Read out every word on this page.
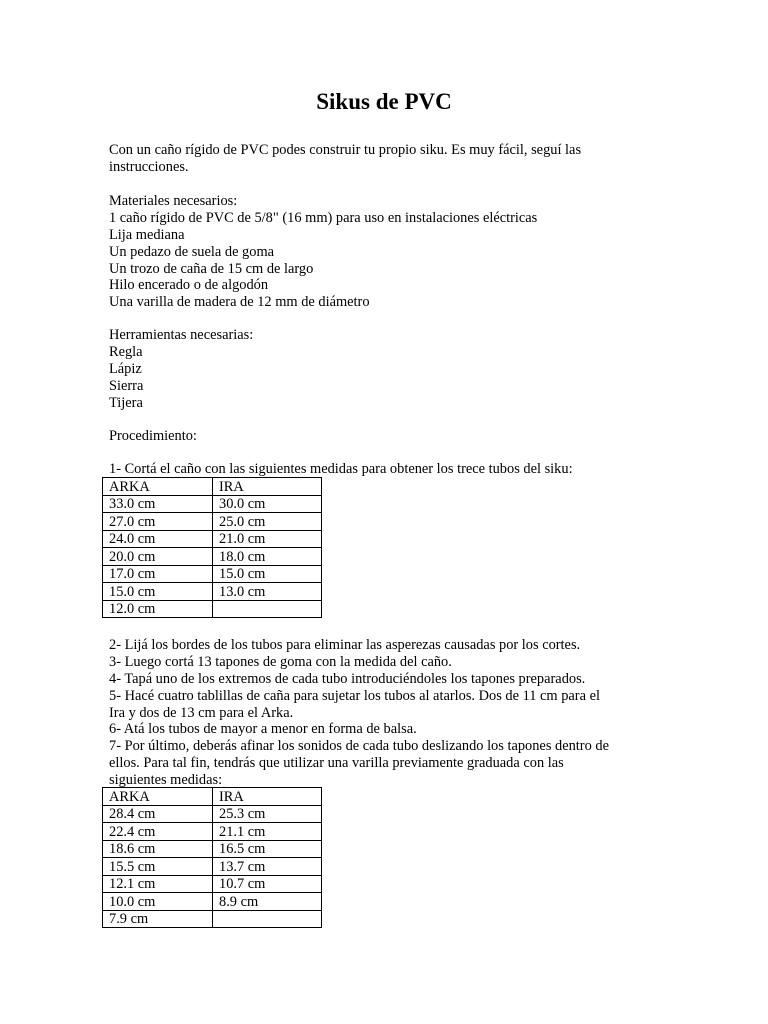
Sikus de PVC
Con un caño rígido de PVC podes construir tu propio siku. Es muy fácil, seguí las
instrucciones.
Materiales necesarios:
1 caño rígido de PVC de 5/8" (16 mm) para uso en instalaciones eléctricas
Lija mediana
Un pedazo de suela de goma
Un trozo de caña de 15 cm de largo
Hilo encerado o de algodón
Una varilla de madera de 12 mm de diámetro
Herramientas necesarias:
Regla
Lápiz
Sierra
Tijera
Procedimiento:
1- Cortá el caño con las siguientes medidas para obtener los trece tubos del siku:
ARKA	IRA
33.0 cm	30.0 cm
27.0 cm	25.0 cm
24.0 cm	21.0 cm
20.0 cm	18.0 cm
17.0 cm	15.0 cm
15.0 cm	13.0 cm
12.0 cm	
2- Lijá los bordes de los tubos para eliminar las asperezas causadas por los cortes.
3- Luego cortá 13 tapones de goma con la medida del caño.
4- Tapá uno de los extremos de cada tubo introduciéndoles los tapones preparados.
5- Hacé cuatro tablillas de caña para sujetar los tubos al atarlos. Dos de 11 cm para el
Ira y dos de 13 cm para el Arka.
6- Atá los tubos de mayor a menor en forma de balsa.
7- Por último, deberás afinar los sonidos de cada tubo deslizando los tapones dentro de
ellos. Para tal fin, tendrás que utilizar una varilla previamente graduada con las
siguientes medidas:
ARKA	IRA
28.4 cm	25.3 cm
22.4 cm	21.1 cm
18.6 cm	16.5 cm
15.5 cm	13.7 cm
12.1 cm	10.7 cm
10.0 cm	8.9 cm
7.9 cm	
